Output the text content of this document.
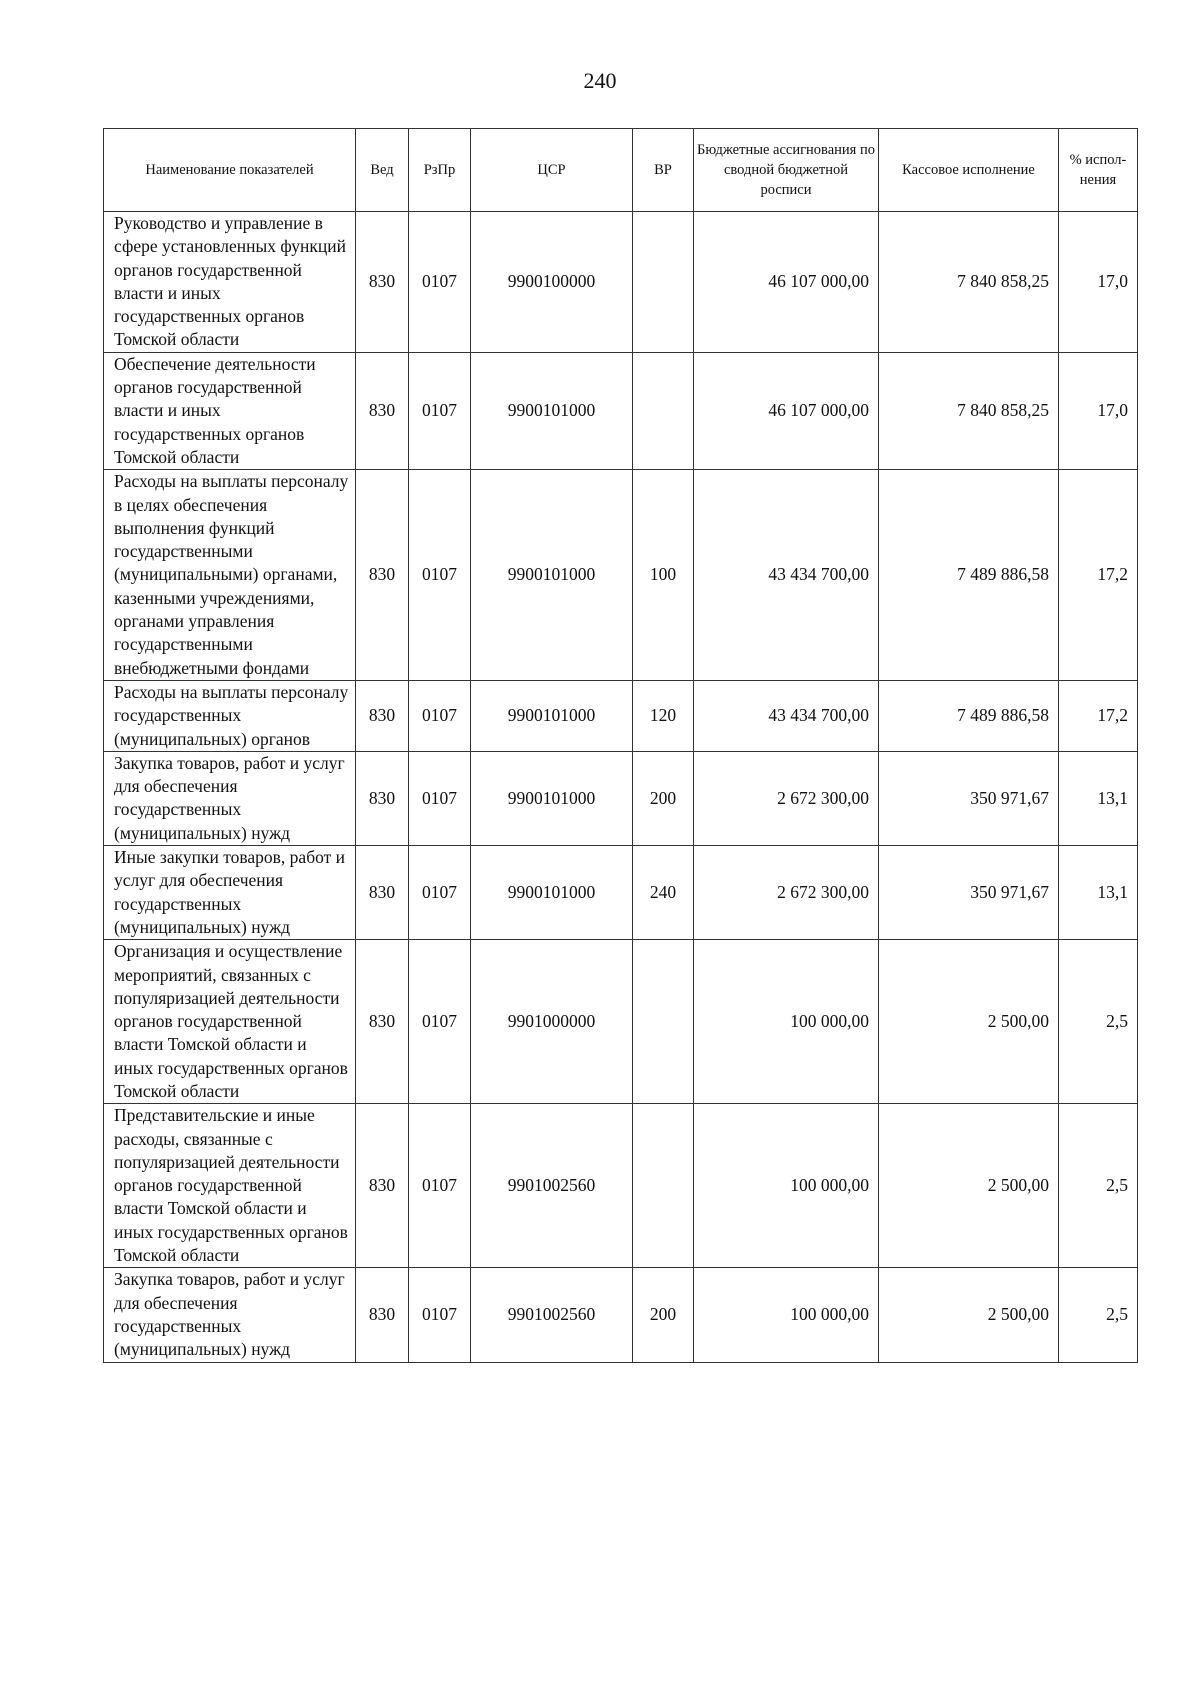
240
Наименование показателей	Вед	РзПр	ЦСР	ВР	Бюджетные ассигнования по сводной бюджетной росписи	Кассовое исполнение	% испол-нения
Руководство и управление в сфере установленных функций органов государственной власти и иных государственных органов Томской области	830	0107	9900100000		46 107 000,00	7 840 858,25	17,0
Обеспечение деятельности органов государственной власти и иных государственных органов Томской области	830	0107	9900101000		46 107 000,00	7 840 858,25	17,0
Расходы на выплаты персоналу в целях обеспечения выполнения функций государственными (муниципальными) органами, казенными учреждениями, органами управления государственными внебюджетными фондами	830	0107	9900101000	100	43 434 700,00	7 489 886,58	17,2
Расходы на выплаты персоналу государственных (муниципальных) органов	830	0107	9900101000	120	43 434 700,00	7 489 886,58	17,2
Закупка товаров, работ и услуг для обеспечения государственных (муниципальных) нужд	830	0107	9900101000	200	2 672 300,00	350 971,67	13,1
Иные закупки товаров, работ и услуг для обеспечения государственных (муниципальных) нужд	830	0107	9900101000	240	2 672 300,00	350 971,67	13,1
Организация и осуществление мероприятий, связанных с популяризацией деятельности органов государственной власти Томской области и иных государственных органов Томской области	830	0107	9901000000		100 000,00	2 500,00	2,5
Представительские и иные расходы, связанные с популяризацией деятельности органов государственной власти Томской области и иных государственных органов Томской области	830	0107	9901002560		100 000,00	2 500,00	2,5
Закупка товаров, работ и услуг для обеспечения государственных (муниципальных) нужд	830	0107	9901002560	200	100 000,00	2 500,00	2,5
